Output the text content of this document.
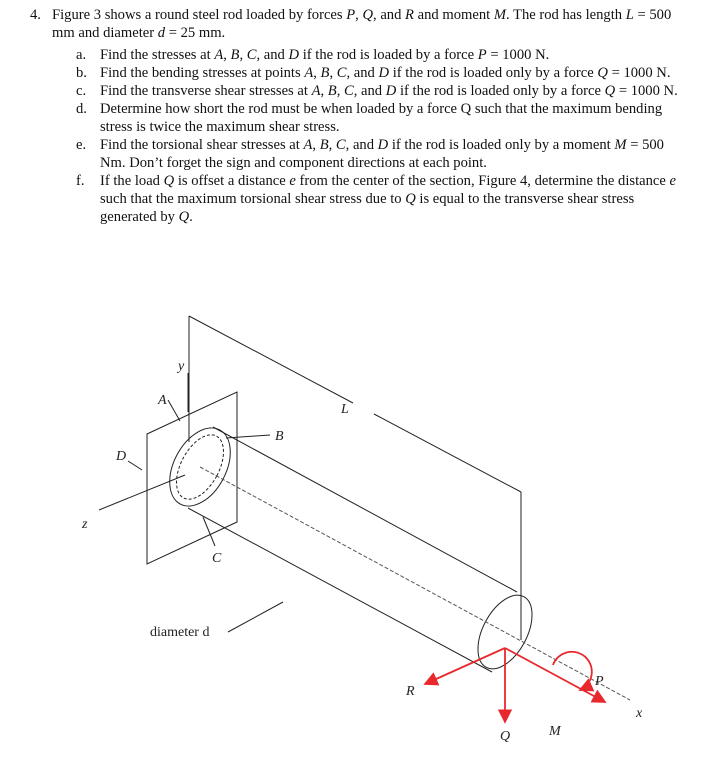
4. Figure 3 shows a round steel rod loaded by forces P, Q, and R and moment M. The rod has length L = 500 mm and diameter d = 25 mm.
a. Find the stresses at A, B, C, and D if the rod is loaded by a force P = 1000 N.
b. Find the bending stresses at points A, B, C, and D if the rod is loaded only by a force Q = 1000 N.
c. Find the transverse shear stresses at A, B, C, and D if the rod is loaded only by a force Q = 1000 N.
d. Determine how short the rod must be when loaded by a force Q such that the maximum bending stress is twice the maximum shear stress.
e. Find the torsional shear stresses at A, B, C, and D if the rod is loaded only by a moment M = 500 Nm. Don’t forget the sign and component directions at each point.
f. If the load Q is offset a distance e from the center of the section, Figure 4, determine the distance e such that the maximum torsional shear stress due to Q is equal to the transverse shear stress generated by Q.
y
A
L
B
D
z
C
diameter d
R
P
x
Q	M
